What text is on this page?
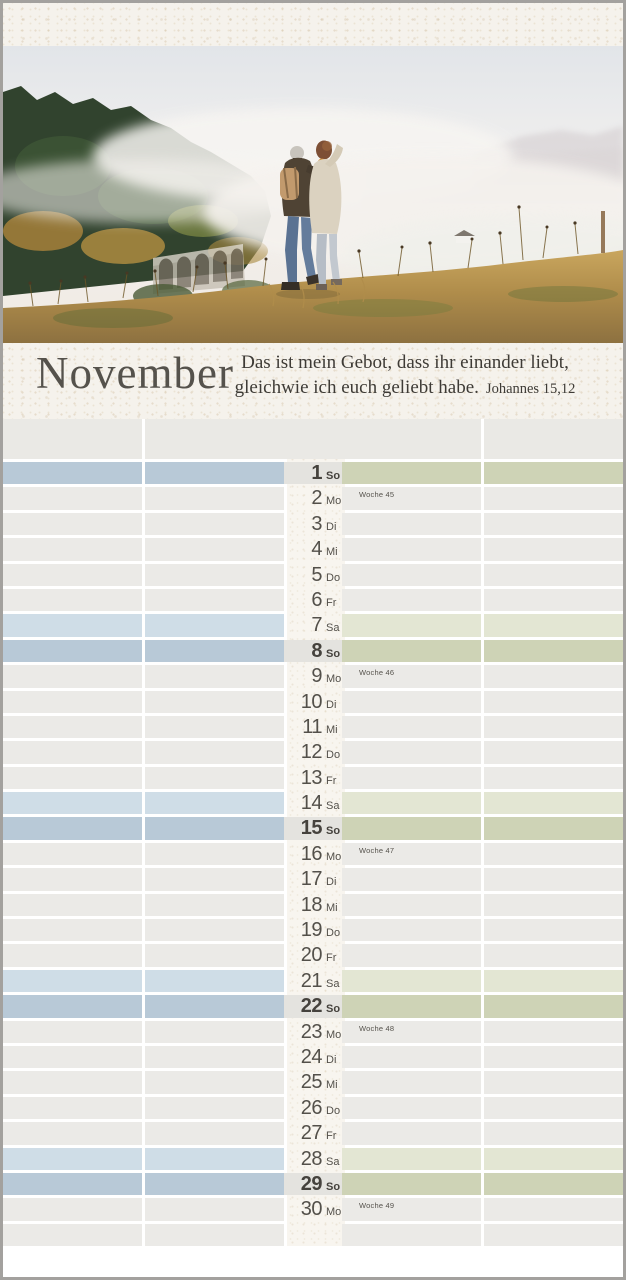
November Das ist mein Gebot, dass ihr einander liebt,
gleichwie ich euch geliebt habe. Johannes 15,12
1 So
2 Mo
Woche 45
3 Di
4 Mi
5 Do
6 Fr
7 Sa
8 So
9 Mo
Woche 46
10 Di
11 Mi
12 Do
13 Fr
14 Sa
15 So
16 Mo
Woche 47
17 Di
18 Mi
19 Do
20 Fr
21 Sa
22 So
23 Mo
Woche 48
24 Di
25 Mi
26 Do
27 Fr
28 Sa
29 So
30 Mo
Woche 49
